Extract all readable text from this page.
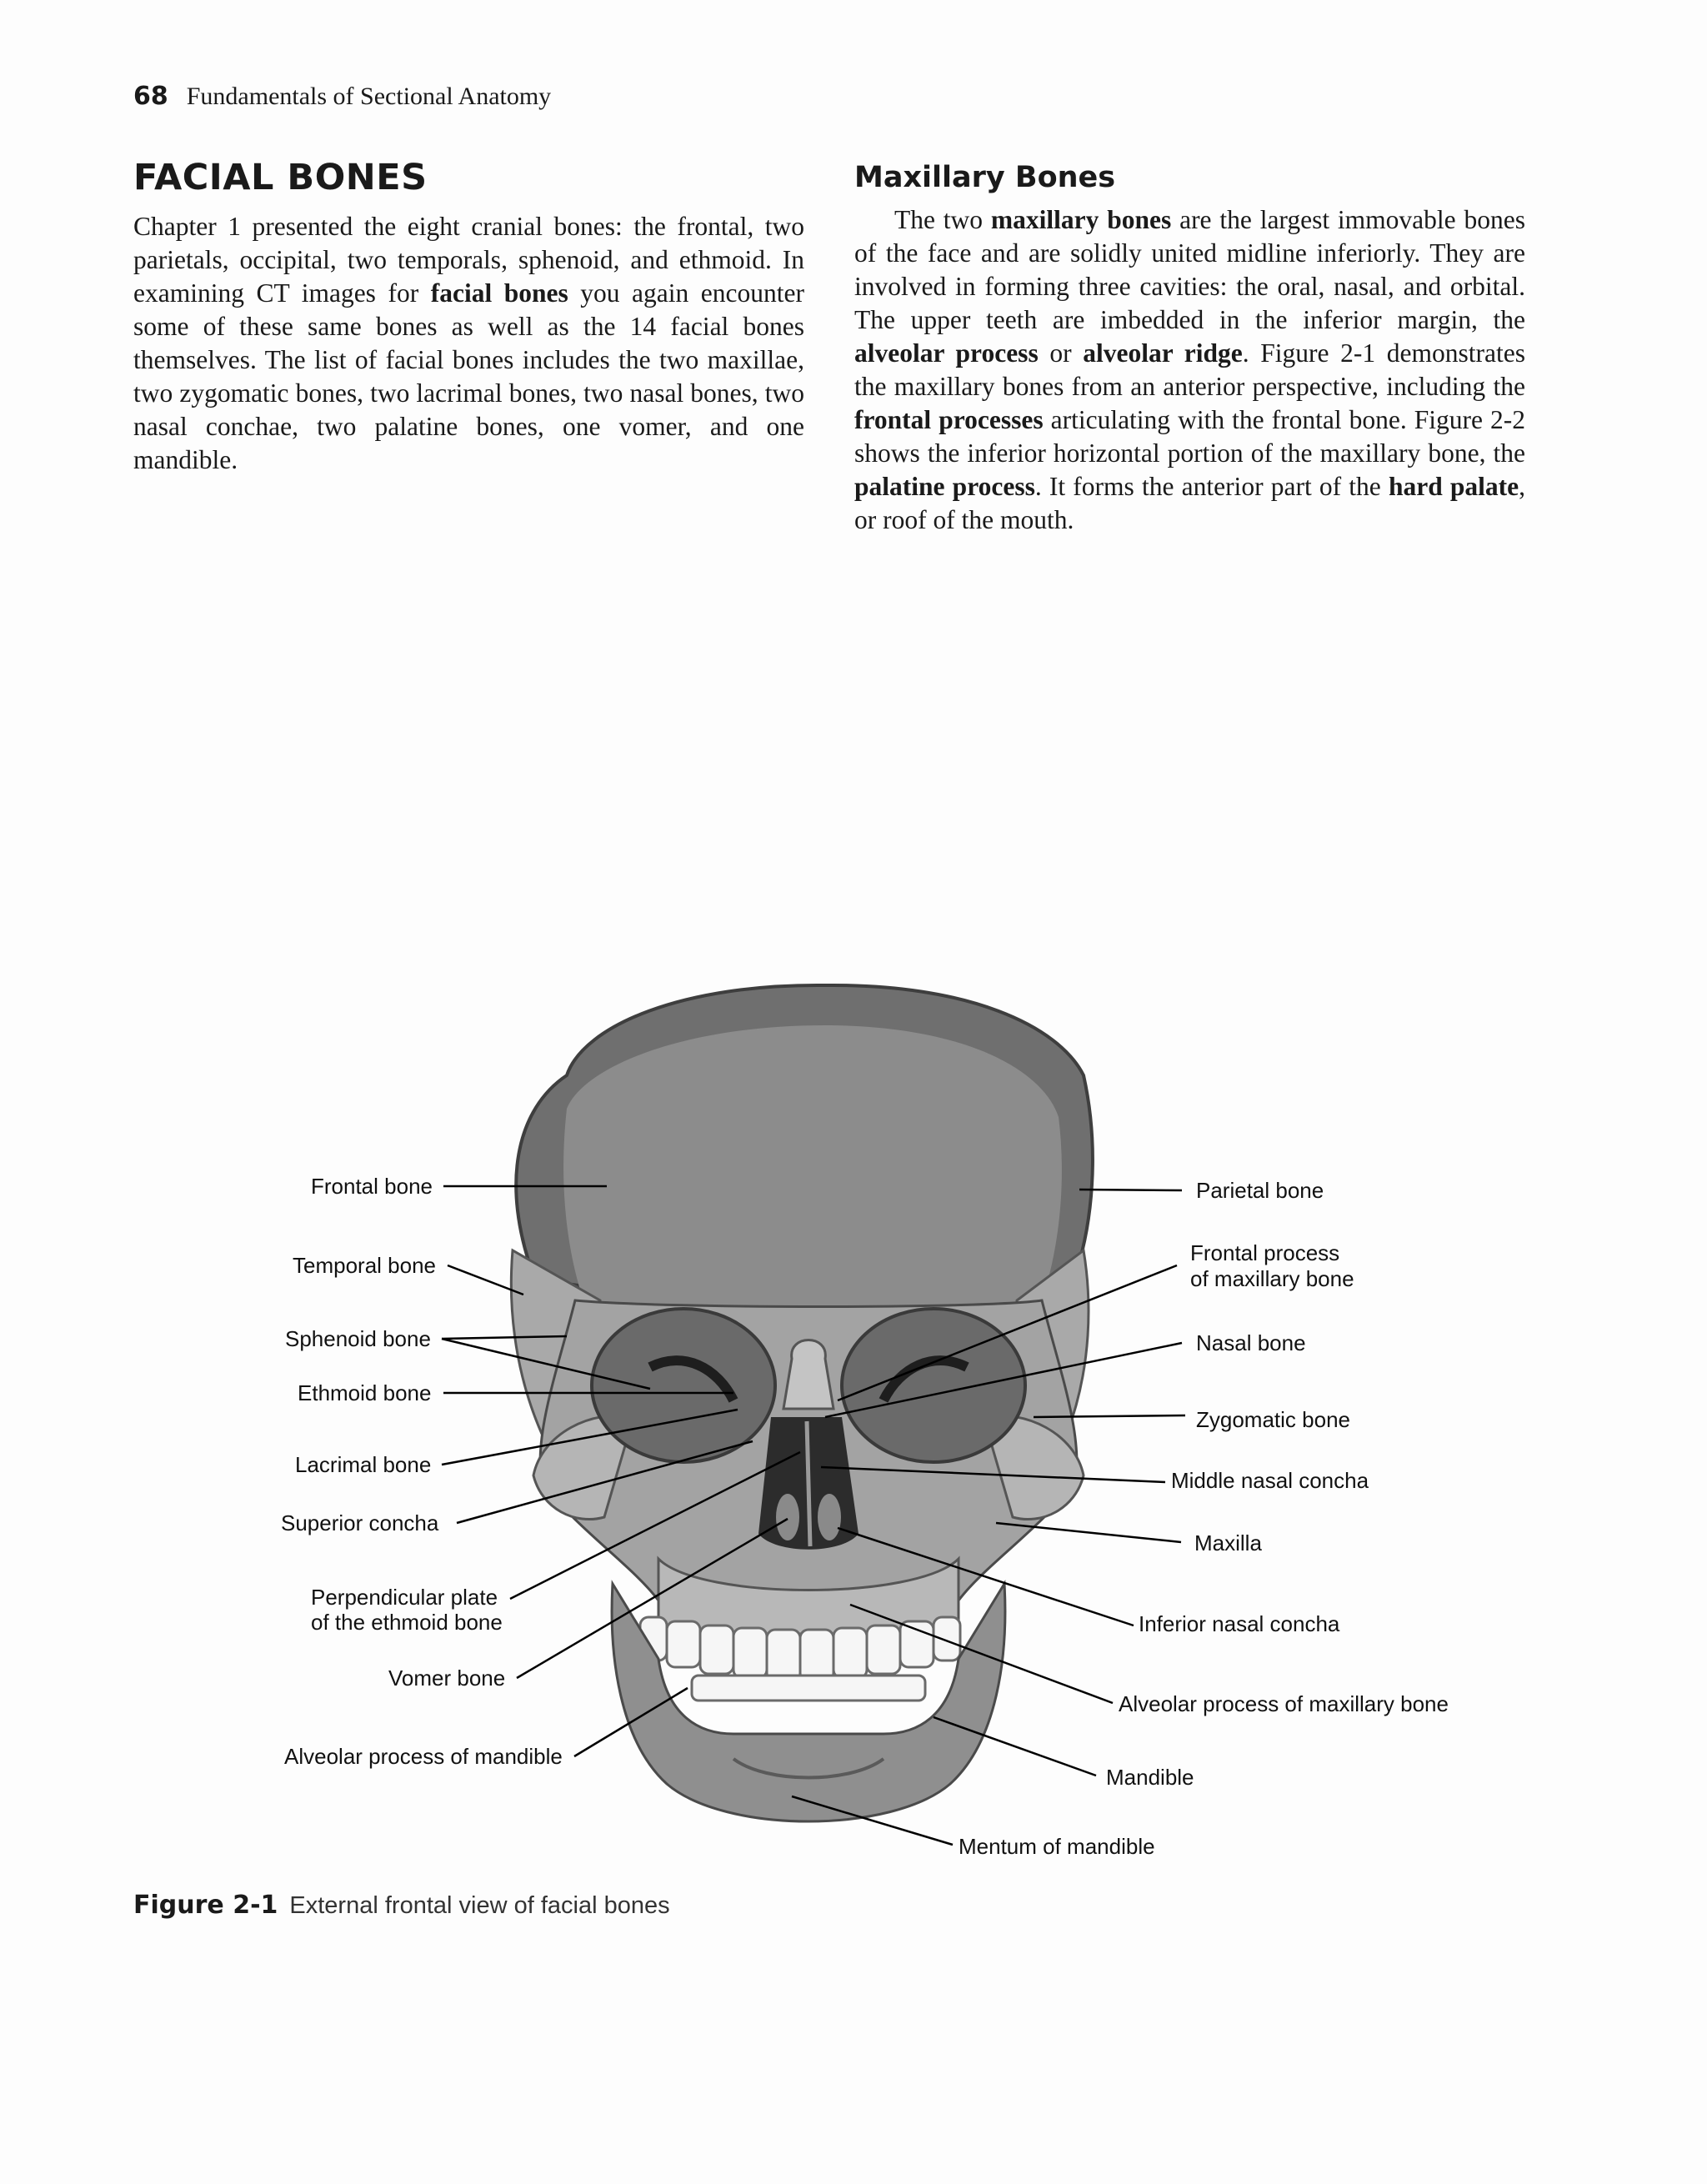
68 Fundamentals of Sectional Anatomy
FACIAL BONES

Chapter 1 presented the eight cranial bones: the frontal, two parietals, occipital, two temporals, sphenoid, and ethmoid. In examining CT images for facial bones you again encounter some of these same bones as well as the 14 facial bones themselves. The list of facial bones includes the two maxillae, two zygomatic bones, two lacrimal bones, two nasal bones, two nasal conchae, two palatine bones, one vomer, and one mandible.

Maxillary Bones

The two maxillary bones are the largest immovable bones of the face and are solidly united midline inferiorly. They are involved in forming three cavities: the oral, nasal, and orbital. The upper teeth are imbedded in the inferior margin, the alveolar process or alveolar ridge. Figure 2-1 demonstrates the maxillary bones from an anterior perspective, including the frontal processes articulating with the frontal bone. Figure 2-2 shows the inferior horizontal portion of the maxillary bone, the palatine process. It forms the anterior part of the hard palate, or roof of the mouth.

Frontal bone
Temporal bone
Sphenoid bone
Ethmoid bone
Lacrimal bone
Superior concha
Perpendicular plate
of the ethmoid bone
Vomer bone
Alveolar process of mandible
Parietal bone
Frontal process
of maxillary bone
Nasal bone
Zygomatic bone
Middle nasal concha
Maxilla
Inferior nasal concha
Alveolar process of maxillary bone
Mandible
Mentum of mandible
Figure 2-1 External frontal view of facial bones
